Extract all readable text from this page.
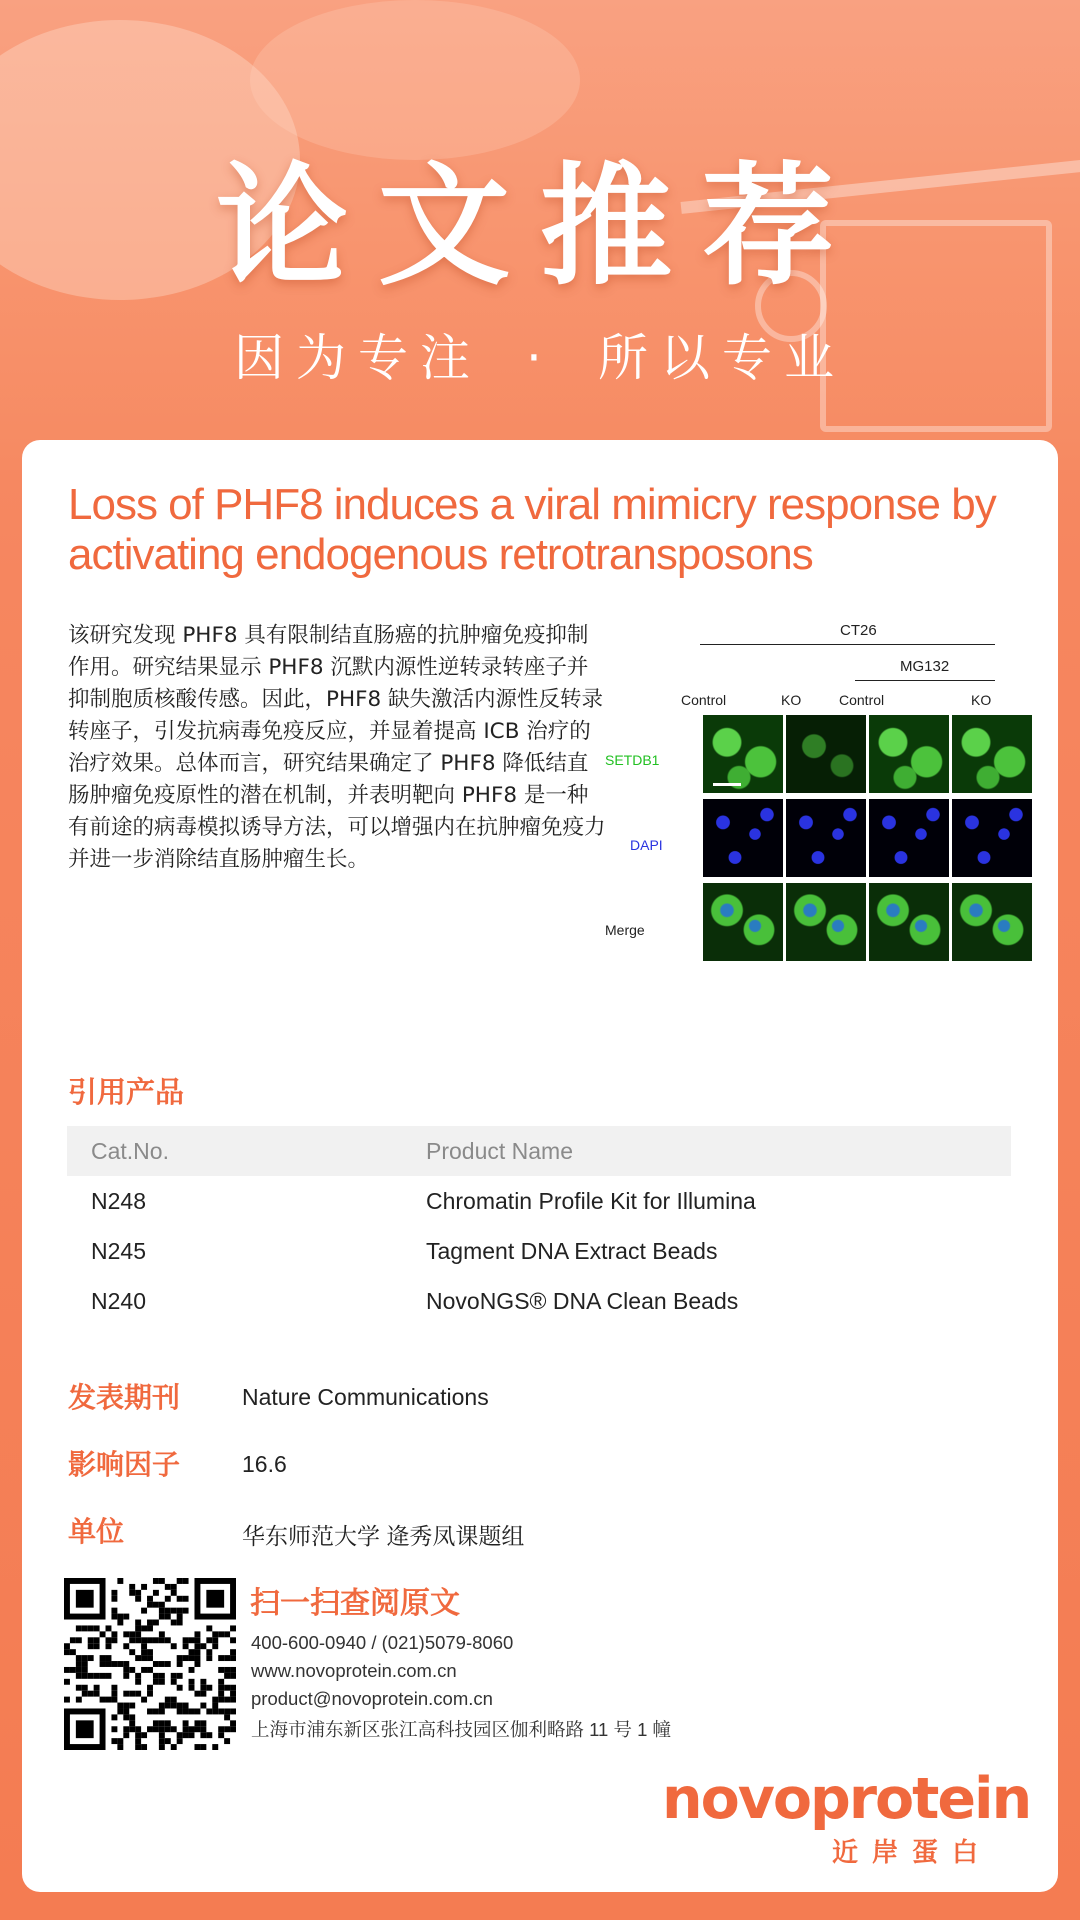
论文推荐
因为专注 · 所以专业
Loss of PHF8 induces a viral mimicry response by activating endogenous retrotransposons
该研究发现 PHF8 具有限制结直肠癌的抗肿瘤免疫抑制作用。研究结果显示 PHF8 沉默内源性逆转录转座子并抑制胞质核酸传感。因此，PHF8 缺失激活内源性反转录转座子，引发抗病毒免疫反应，并显着提高 ICB 治疗的治疗效果。总体而言，研究结果确定了 PHF8 降低结直肠肿瘤免疫原性的潜在机制，并表明靶向 PHF8 是一种有前途的病毒模拟诱导方法，可以增强内在抗肿瘤免疫力并进一步消除结直肠肿瘤生长。
CT26
MG132
Control	KO	Control	KO
SETDB1
DAPI
Merge
引用产品
Cat.No.	Product Name
N248	Chromatin Profile Kit for Illumina
N245	Tagment DNA Extract Beads
N240	NovoNGS® DNA Clean Beads
发表期刊	Nature Communications
影响因子	16.6
单位	华东师范大学 逄秀凤课题组
扫一扫查阅原文
400-600-0940 / (021)5079-8060
www.novoprotein.com.cn
product@novoprotein.com.cn
上海市浦东新区张江高科技园区伽利略路 11 号 1 幢
novoprotein
近岸蛋白
